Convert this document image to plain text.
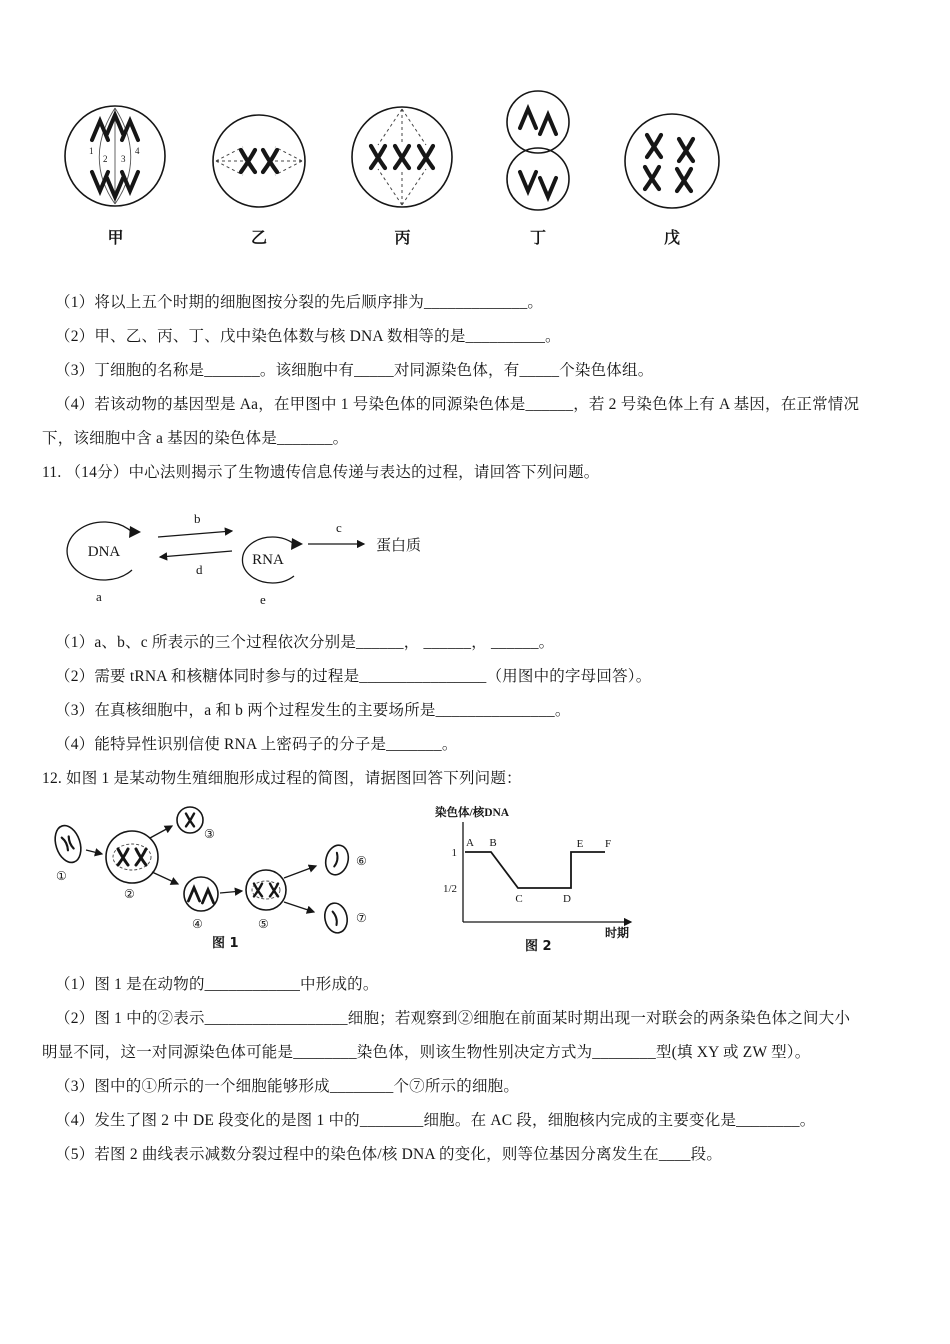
1
2 3
4
甲	乙	丙	丁	戊
（1）将以上五个时期的细胞图按分裂的先后顺序排为_____________。
（2）甲、乙、丙、丁、戊中染色体数与核 DNA 数相等的是__________。
（3）丁细胞的名称是_______。该细胞中有_____对同源染色体，有_____个染色体组。
（4）若该动物的基因型是 Aa，在甲图中 1 号染色体的同源染色体是______，若 2 号染色体上有 A 基因，在正常情况
下，该细胞中含 a 基因的染色体是_______。
11. （14分）中心法则揭示了生物遗传信息传递与表达的过程，请回答下列问题。
DNA
a
b
d
RNA
e
c
蛋白质
（1）a、b、c 所表示的三个过程依次分别是______， ______， ______。
（2）需要 tRNA 和核糖体同时参与的过程是________________（用图中的字母回答）。
（3）在真核细胞中，a 和 b 两个过程发生的主要场所是_______________。
（4）能特异性识别信使 RNA 上密码子的分子是_______。
12. 如图 1 是某动物生殖细胞形成过程的简图，请据图回答下列问题：
①
②
③
④	⑤
⑥
⑦
图 1
染色体/核DNA
1
1/2
A B
C	D
E F
时期
图 2
（1）图 1 是在动物的____________中形成的。
（2）图 1 中的②表示__________________细胞；若观察到②细胞在前面某时期出现一对联会的两条染色体之间大小
明显不同，这一对同源染色体可能是________染色体，则该生物性别决定方式为________型(填 XY 或 ZW 型）。
（3）图中的①所示的一个细胞能够形成________个⑦所示的细胞。
（4）发生了图 2 中 DE 段变化的是图 1 中的________细胞。在 AC 段，细胞核内完成的主要变化是________。
（5）若图 2 曲线表示减数分裂过程中的染色体/核 DNA 的变化，则等位基因分离发生在____段。
